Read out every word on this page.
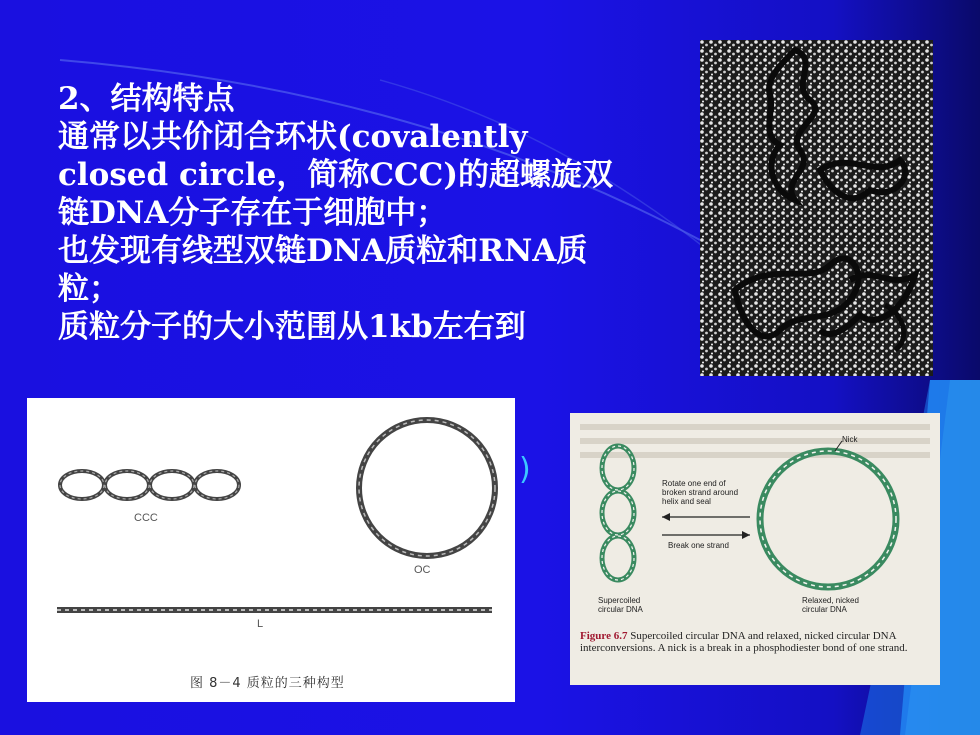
2、结构特点
通常以共价闭合环状(covalently
closed circle，简称CCC)的超螺旋双
链DNA分子存在于细胞中；
也发现有线型双链DNA质粒和RNA质
粒；
质粒分子的大小范围从1kb左右到
)
CCC
OC
L
图 8－4 质粒的三种构型
Nick
Rotate one end of
broken strand around
helix and seal
Break one strand
Supercoiled
circular DNA
Relaxed, nicked
circular DNA
Figure 6.7 Supercoiled circular DNA and relaxed, nicked circular DNA interconversions. A nick is a break in a phosphodiester bond of one strand.
